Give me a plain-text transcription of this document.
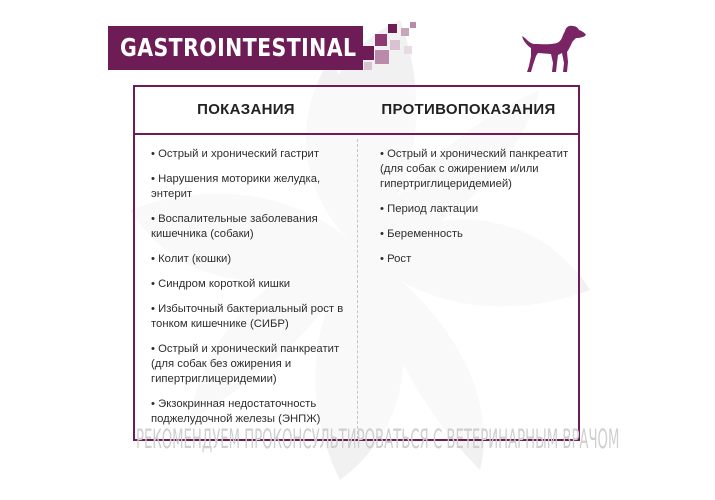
GASTROINTESTINAL
ПОКАЗАНИЯ	ПРОТИВОПОКАЗАНИЯ
• Острый и хронический гастрит
• Нарушения моторики желудка, энтерит
• Воспалительные заболевания кишечника (собаки)
• Колит (кошки)
• Синдром короткой кишки
• Избыточный бактериальный рост в тонком кишечнике (СИБР)
• Острый и хронический панкреатит (для собак без ожирения и гипертриглицеридемии)
• Экзокринная недостаточность поджелудочной железы (ЭНПЖ)
• Острый и хронический панкреатит (для собак с ожирением и/или гипертриглицеридемией)
• Период лактации
• Беременность
• Рост
РЕКОМЕНДУЕМ ПРОКОНСУЛЬТИРОВАТЬСЯ С ВЕТЕРИНАРНЫМ ВРАЧОМ
